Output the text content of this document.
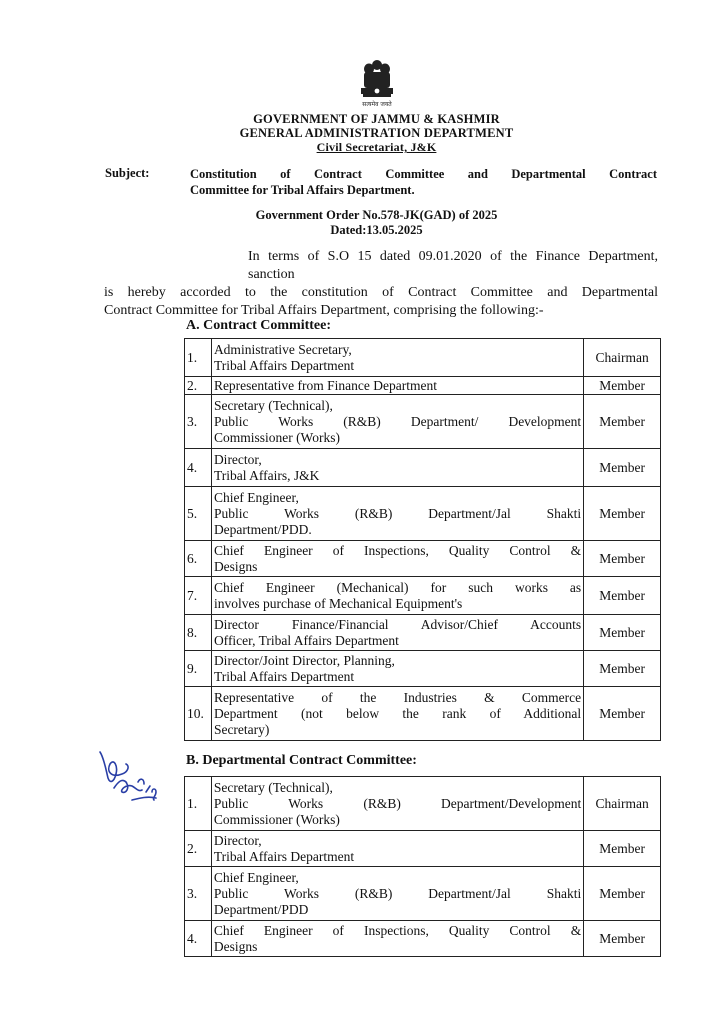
सत्यमेव जयते
GOVERNMENT OF JAMMU & KASHMIR
GENERAL ADMINISTRATION DEPARTMENT
Civil Secretariat, J&K
Subject:	Constitution of Contract Committee and Departmental Contract
Committee for Tribal Affairs Department.
Government Order No.578-JK(GAD) of 2025
Dated:13.05.2025
In terms of S.O 15 dated 09.01.2020 of the Finance Department, sanction
is hereby accorded to the constitution of Contract Committee and Departmental
Contract Committee for Tribal Affairs Department, comprising the following:-
A. Contract Committee:
1.	Administrative Secretary,
Tribal Affairs Department	Chairman
2.	Representative from Finance Department	Member
3.	Secretary (Technical),
Public Works (R&B) Department/ Development
Commissioner (Works)	Member
4.	Director,
Tribal Affairs, J&K	Member
5.	Chief Engineer,
Public Works (R&B) Department/Jal Shakti
Department/PDD.	Member
6.	Chief Engineer of Inspections, Quality Control &
Designs	Member
7.	Chief Engineer (Mechanical) for such works as
involves purchase of Mechanical Equipment's	Member
8.	Director Finance/Financial Advisor/Chief Accounts
Officer, Tribal Affairs Department	Member
9.	Director/Joint Director, Planning,
Tribal Affairs Department	Member
10.	Representative of the Industries & Commerce
Department (not below the rank of Additional
Secretary)	Member
B. Departmental Contract Committee:
1.	Secretary (Technical),
Public Works (R&B) Department/Development
Commissioner (Works)	Chairman
2.	Director,
Tribal Affairs Department	Member
3.	Chief Engineer,
Public Works (R&B) Department/Jal Shakti
Department/PDD	Member
4.	Chief Engineer of Inspections, Quality Control &
Designs	Member
